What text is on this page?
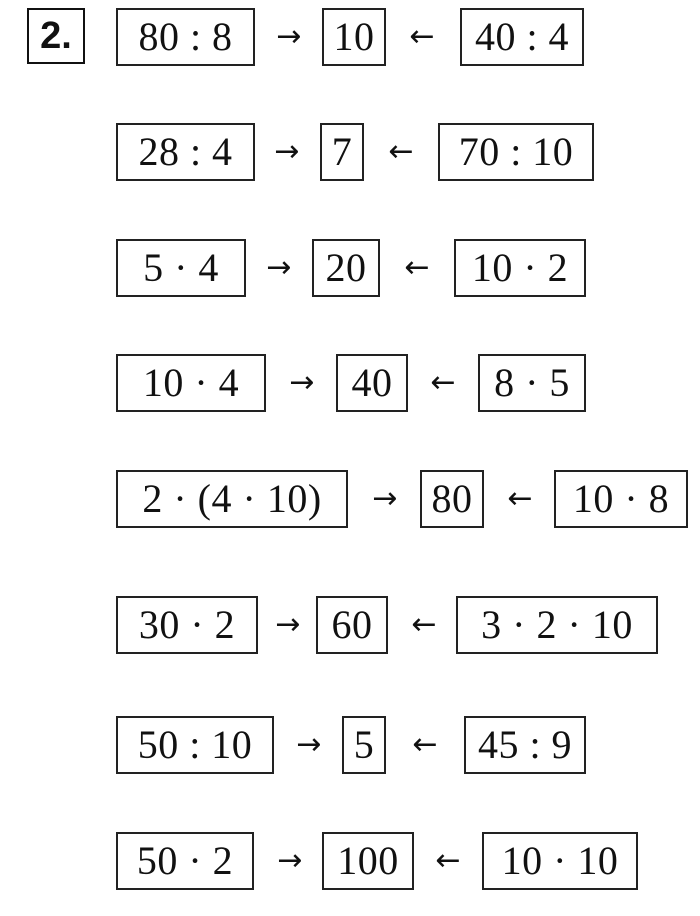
2.	80 : 8	→ 10	←	40 : 4
28 : 4	→ 7	←	70 : 10
5 · 4	→ 20	←	10 · 2
10 · 4	→ 40	← 8 · 5
2 · (4 · 10)	→ 80	←	10 · 8
30 · 2	→ 60	←	3 · 2 · 10
50 : 10	→ 5	←	45 : 9
50 · 2	→ 100	←	10 · 10
